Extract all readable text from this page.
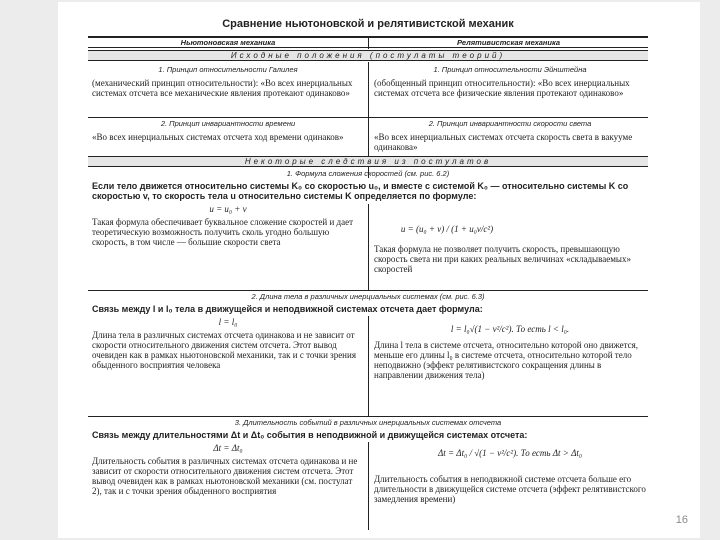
16
Сравнение ньютоновской и релятивистской механик
Ньютоновская механика	Релятивистская механика
Исходные положения (постулаты теорий)
1. Принцип относительности Галилея
(механический принцип относительности): «Во всех инерциальных системах отсчета все механические явления протекают одинаково»
1. Принцип относительности Эйнштейна
(обобщенный принцип относительности): «Во всех инерциальных системах отсчета все физические явления протекают одинаково»
2. Принцип инвариантности времени
«Во всех инерциальных системах отсчета ход времени одинаков»
2. Принцип инвариантности скорости света
«Во всех инерциальных системах отсчета скорость света в вакууме одинакова»
Некоторые следствия из постулатов
1. Формула сложения скоростей (см. рис. 6.2)
Если тело движется относительно системы K₀ со скоростью u₀, и вместе с системой K₀ — относительно системы K со скоростью v, то скорость тела u относительно системы K определяется по формуле:
u = u₀ + v
Такая формула обеспечивает буквальное сложение скоростей и дает теоретическую возможность получить сколь угодно большую скорость, в том числе — большие скорости света
u = (u₀ + v) / (1 + u₀v/c²)
Такая формула не позволяет получить скорость, превышающую скорость света ни при каких реальных величинах «складываемых» скоростей
2. Длина тела в различных инерциальных системах (см. рис. 6.3)
Связь между l и l₀ тела в движущейся и неподвижной системах отсчета дает формула:
l = l₀
Длина тела в различных системах отсчета одинакова и не зависит от скорости относительного движения систем отсчета. Этот вывод очевиден как в рамках ньютоновской механики, так и с точки зрения обыденного восприятия человека
l = l₀√(1 − v²/c²). То есть l < l₀.
Длина l тела в системе отсчета, относительно которой оно движется, меньше его длины l₀ в системе отсчета, относительно которой тело неподвижно (эффект релятивистского сокращения длины в направлении движения тела)
3. Длительность событий в различных инерциальных системах отсчета
Связь между длительностями Δt и Δt₀ события в неподвижной и движущейся системах отсчета:
Δt = Δt₀
Длительность события в различных системах отсчета одинакова и не зависит от скорости относительного движения систем отсчета. Этот вывод очевиден как в рамках ньютоновской механики (см. постулат 2), так и с точки зрения обыденного восприятия
Δt = Δt₀ / √(1 − v²/c²). То есть Δt > Δt₀
Длительность события в неподвижной системе отсчета больше его длительности в движущейся системе отсчета (эффект релятивистского замедления времени)
